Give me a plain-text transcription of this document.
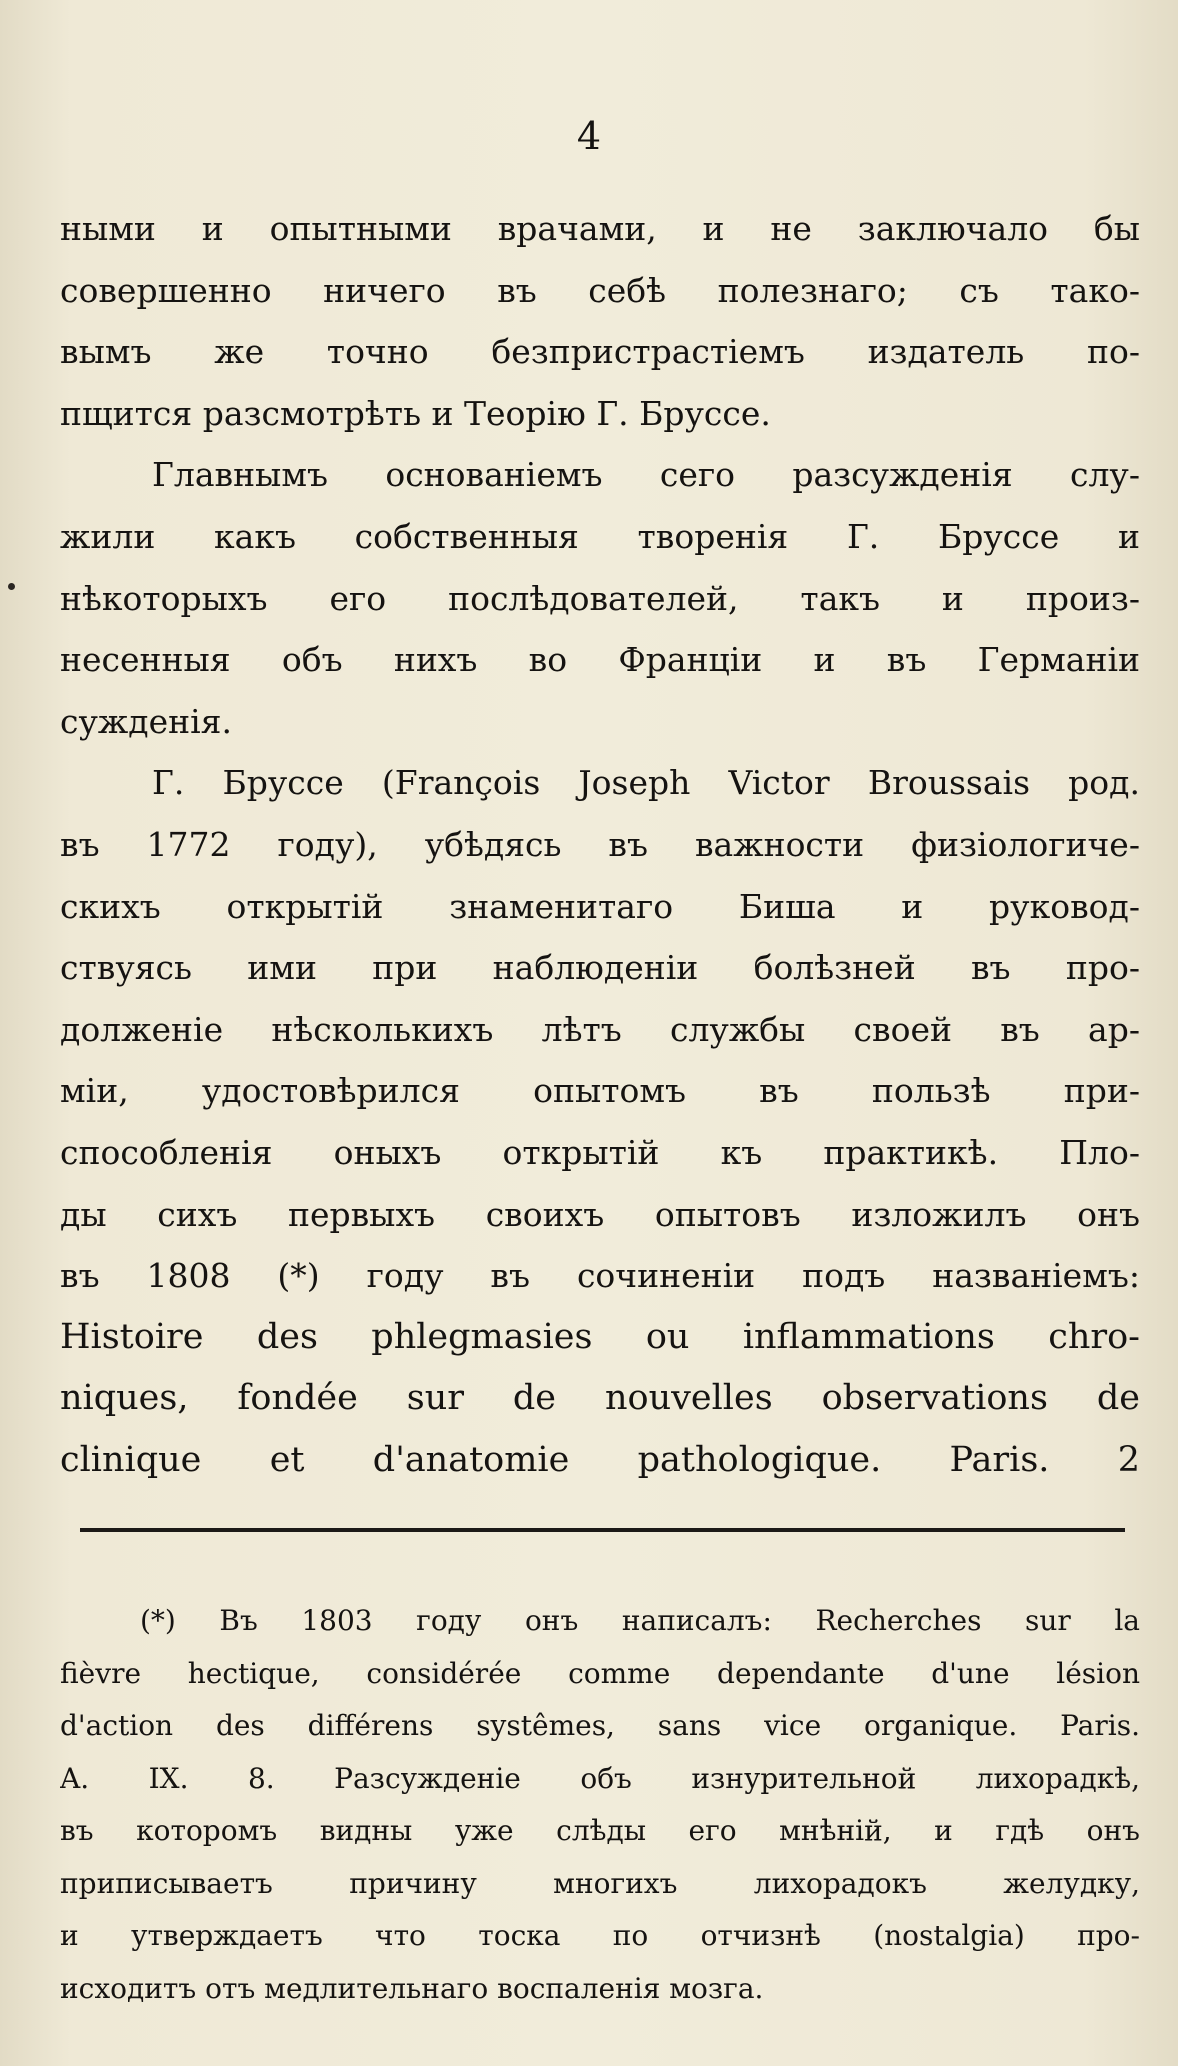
4
ными и опытными врачами, и не заключало бы
совершенно ничего въ себѣ полезнаго; съ тако-
вымъ же точно безпристрастiемъ издатель по-
пщится разсмотрѣть и Теорiю Г. Бруссе.
Главнымъ основанiемъ сего разсужденiя слу-
жили какъ собственныя творенiя Г. Бруссе и
нѣкоторыхъ его послѣдователей, такъ и произ-
несенныя объ нихъ во Францiи и въ Германiи
сужденiя.
Г. Бруссе (François Joseph Victor Broussais род.
въ 1772 году), убѣдясь въ важности физiологиче-
скихъ открытiй знаменитаго Биша и руковод-
ствуясь ими при наблюденiи болѣзней въ про-
долженiе нѣсколькихъ лѣтъ службы своей въ ар-
мiи, удостовѣрился опытомъ въ пользѣ при-
способленiя оныхъ открытiй къ практикѣ. Пло-
ды сихъ первыхъ своихъ опытовъ изложилъ онъ
въ 1808 (*) году въ сочиненiи подъ названiемъ:
Histoire des phlegmasies ou inflammations chro-
niques, fondée sur de nouvelles observations de
clinique et d'anatomie pathologique. Paris. 2
(*) Въ 1803 году онъ написалъ: Recherches sur la
fièvre hectique, considérée comme dependante d'une lésion
d'action des différens systêmes, sans vice organique. Paris.
A. IX. 8. Разсужденiе объ изнурительной лихорадкѣ,
въ которомъ видны уже слѣды его мнѣнiй, и гдѣ онъ
приписываетъ причину многихъ лихорадокъ желудку,
и утверждаетъ что тоска по отчизнѣ (nostalgia) про-
исходитъ отъ медлительнаго воспаленiя мозга.
